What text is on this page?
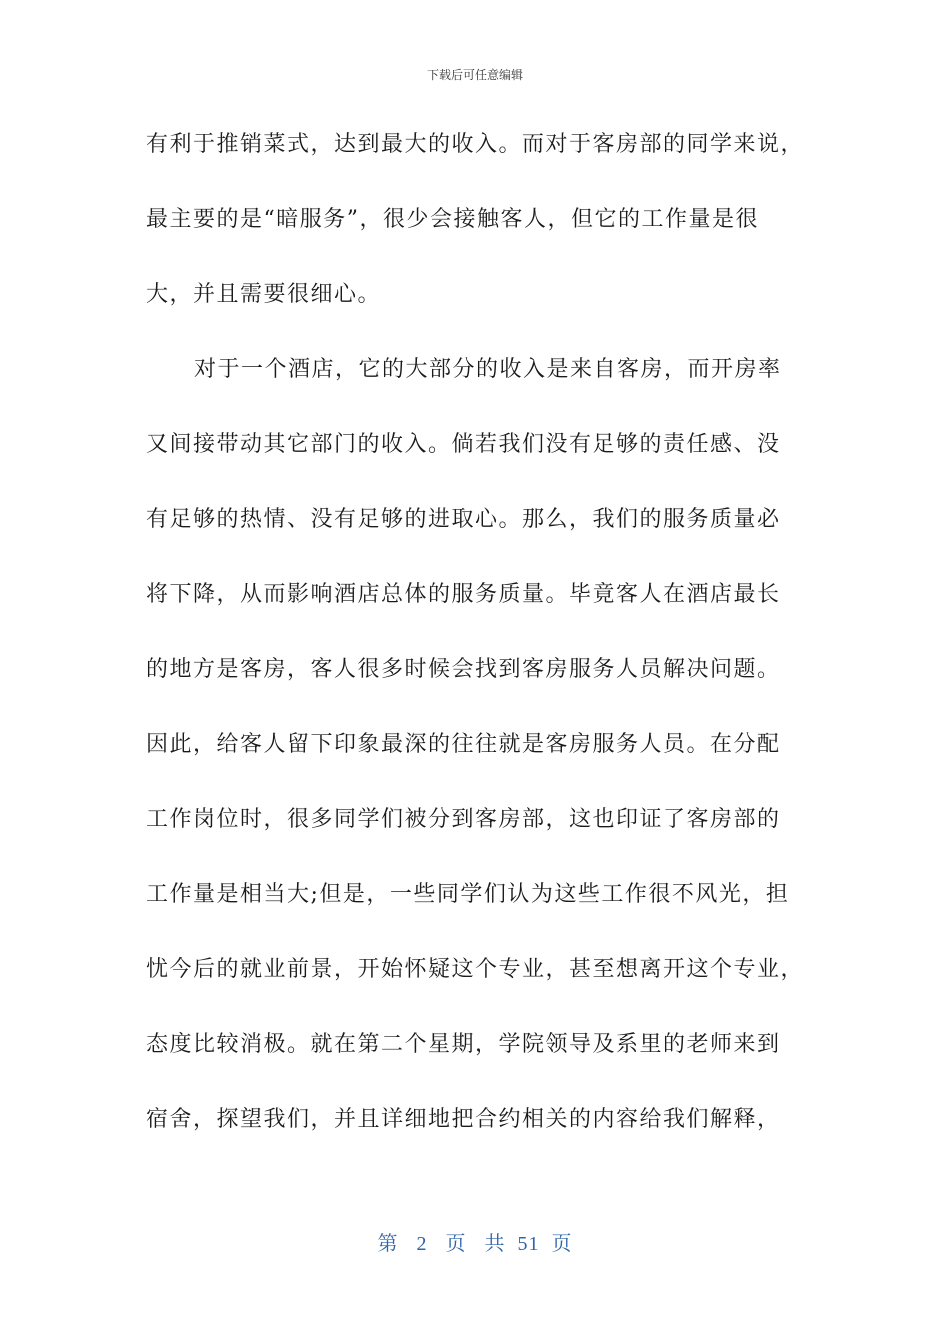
下载后可任意编辑
有利于推销菜式，达到最大的收入。而对于客房部的同学来说，
最主要的是“暗服务”，很少会接触客人，但它的工作量是很
大，并且需要很细心。
对于一个酒店，它的大部分的收入是来自客房，而开房率
又间接带动其它部门的收入。倘若我们没有足够的责任感、没
有足够的热情、没有足够的进取心。那么，我们的服务质量必
将下降，从而影响酒店总体的服务质量。毕竟客人在酒店最长
的地方是客房，客人很多时候会找到客房服务人员解决问题。
因此，给客人留下印象最深的往往就是客房服务人员。在分配
工作岗位时，很多同学们被分到客房部，这也印证了客房部的
工作量是相当大;但是，一些同学们认为这些工作很不风光，担
忧今后的就业前景，开始怀疑这个专业，甚至想离开这个专业，
态度比较消极。就在第二个星期，学院领导及系里的老师来到
宿舍，探望我们，并且详细地把合约相关的内容给我们解释，
第 2 页 共 51 页
